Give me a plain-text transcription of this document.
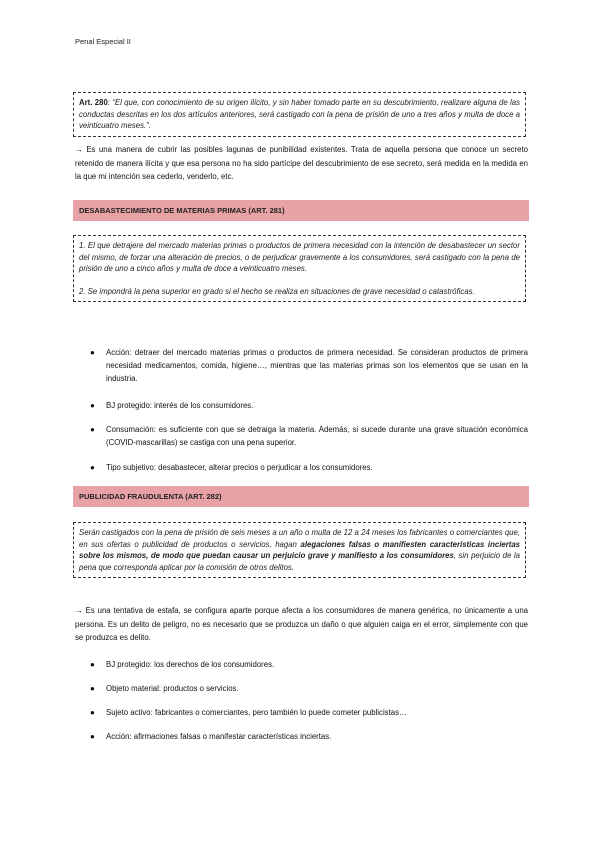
Penal Especial II
Art. 280: “El que, con conocimiento de su origen ilícito, y sin haber tomado parte en su descubrimiento, realizare alguna de las conductas descritas en los dos artículos anteriores, será castigado con la pena de prisión de uno a tres años y multa de doce a veinticuatro meses.”.
→ Es una manera de cubrir las posibles lagunas de punibilidad existentes. Trata de aquella persona que conoce un secreto retenido de manera ilícita y que esa persona no ha sido partícipe del descubrimiento de ese secreto, será medida en la medida en la que mi intención sea cederlo, venderlo, etc.
DESABASTECIMIENTO DE MATERIAS PRIMAS (ART. 281)
1. El que detrajere del mercado materias primas o productos de primera necesidad con la intención de desabastecer un sector del mismo, de forzar una alteración de precios, o de perjudicar gravemente a los consumidores, será castigado con la pena de prisión de uno a cinco años y multa de doce a veinticuatro meses.
2. Se impondrá la pena superior en grado si el hecho se realiza en situaciones de grave necesidad o catastróficas.
● Acción: detraer del mercado materias primas o productos de primera necesidad. Se consideran productos de primera necesidad medicamentos, comida, higiene…, mientras que las materias primas son los elementos que se usan en la industria.
● BJ protegido: interés de los consumidores.
● Consumación: es suficiente con que se detraiga la materia. Además, si sucede durante una grave situación económica (COVID-mascarillas) se castiga con una pena superior.
● Tipo subjetivo: desabastecer, alterar precios o perjudicar a los consumidores.
PUBLICIDAD FRAUDULENTA (ART. 282)
Serán castigados con la pena de prisión de seis meses a un año o multa de 12 a 24 meses los fabricantes o comerciantes que, en sus ofertas o publicidad de productos o servicios, hagan alegaciones falsas o manifiesten características inciertas sobre los mismos, de modo que puedan causar un perjuicio grave y manifiesto a los consumidores, sin perjuicio de la pena que corresponda aplicar por la comisión de otros delitos.
→ Es una tentativa de estafa, se configura aparte porque afecta a los consumidores de manera genérica, no únicamente a una persona. Es un delito de peligro, no es necesario que se produzca un daño o que alguien caiga en el error, simplemente con que se produzca es delito.
● BJ protegido: los derechos de los consumidores.
● Objeto material: productos o servicios.
● Sujeto activo: fabricantes o comerciantes, pero también lo puede cometer publicistas…
● Acción: afirmaciones falsas o manifestar características inciertas.
